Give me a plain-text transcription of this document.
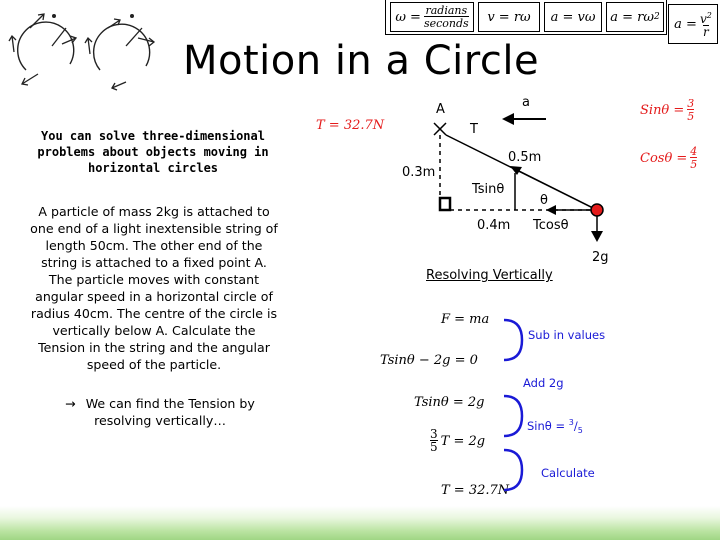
$\omega = \frac{\text{radians}}{\text{seconds}}$	v = rω	a = vω	a = rω 2 $a = \frac{v^2}{r}$
Motion in a Circle
You can solve three-dimensional problems about objects moving in horizontal circles
A particle of mass 2kg is attached to one end of a light inextensible string of length 50cm. The other end of the string is attached to a fixed point A. The particle moves with constant angular speed in a horizontal circle of radius 40cm. The centre of the circle is vertically below A. Calculate the Tension in the string and the angular speed of the particle.
→ We can find the Tension by resolving vertically…
A	a
T
T = 32.7N
0.5m
0.3m
Tsinθ
θ
0.4m Tcosθ
2g
$Sin\theta = \frac{3}{5}$
$Cos\theta = \frac{4}{5}$
Resolving Vertically
F = ma
Tsinθ − 2g = 0
Tsinθ = 2g
$\frac{3}{5}$ T = 2g
T = 32.7N
Sub in values
Add 2g
$Sin\theta = ^3/_5$
Calculate
